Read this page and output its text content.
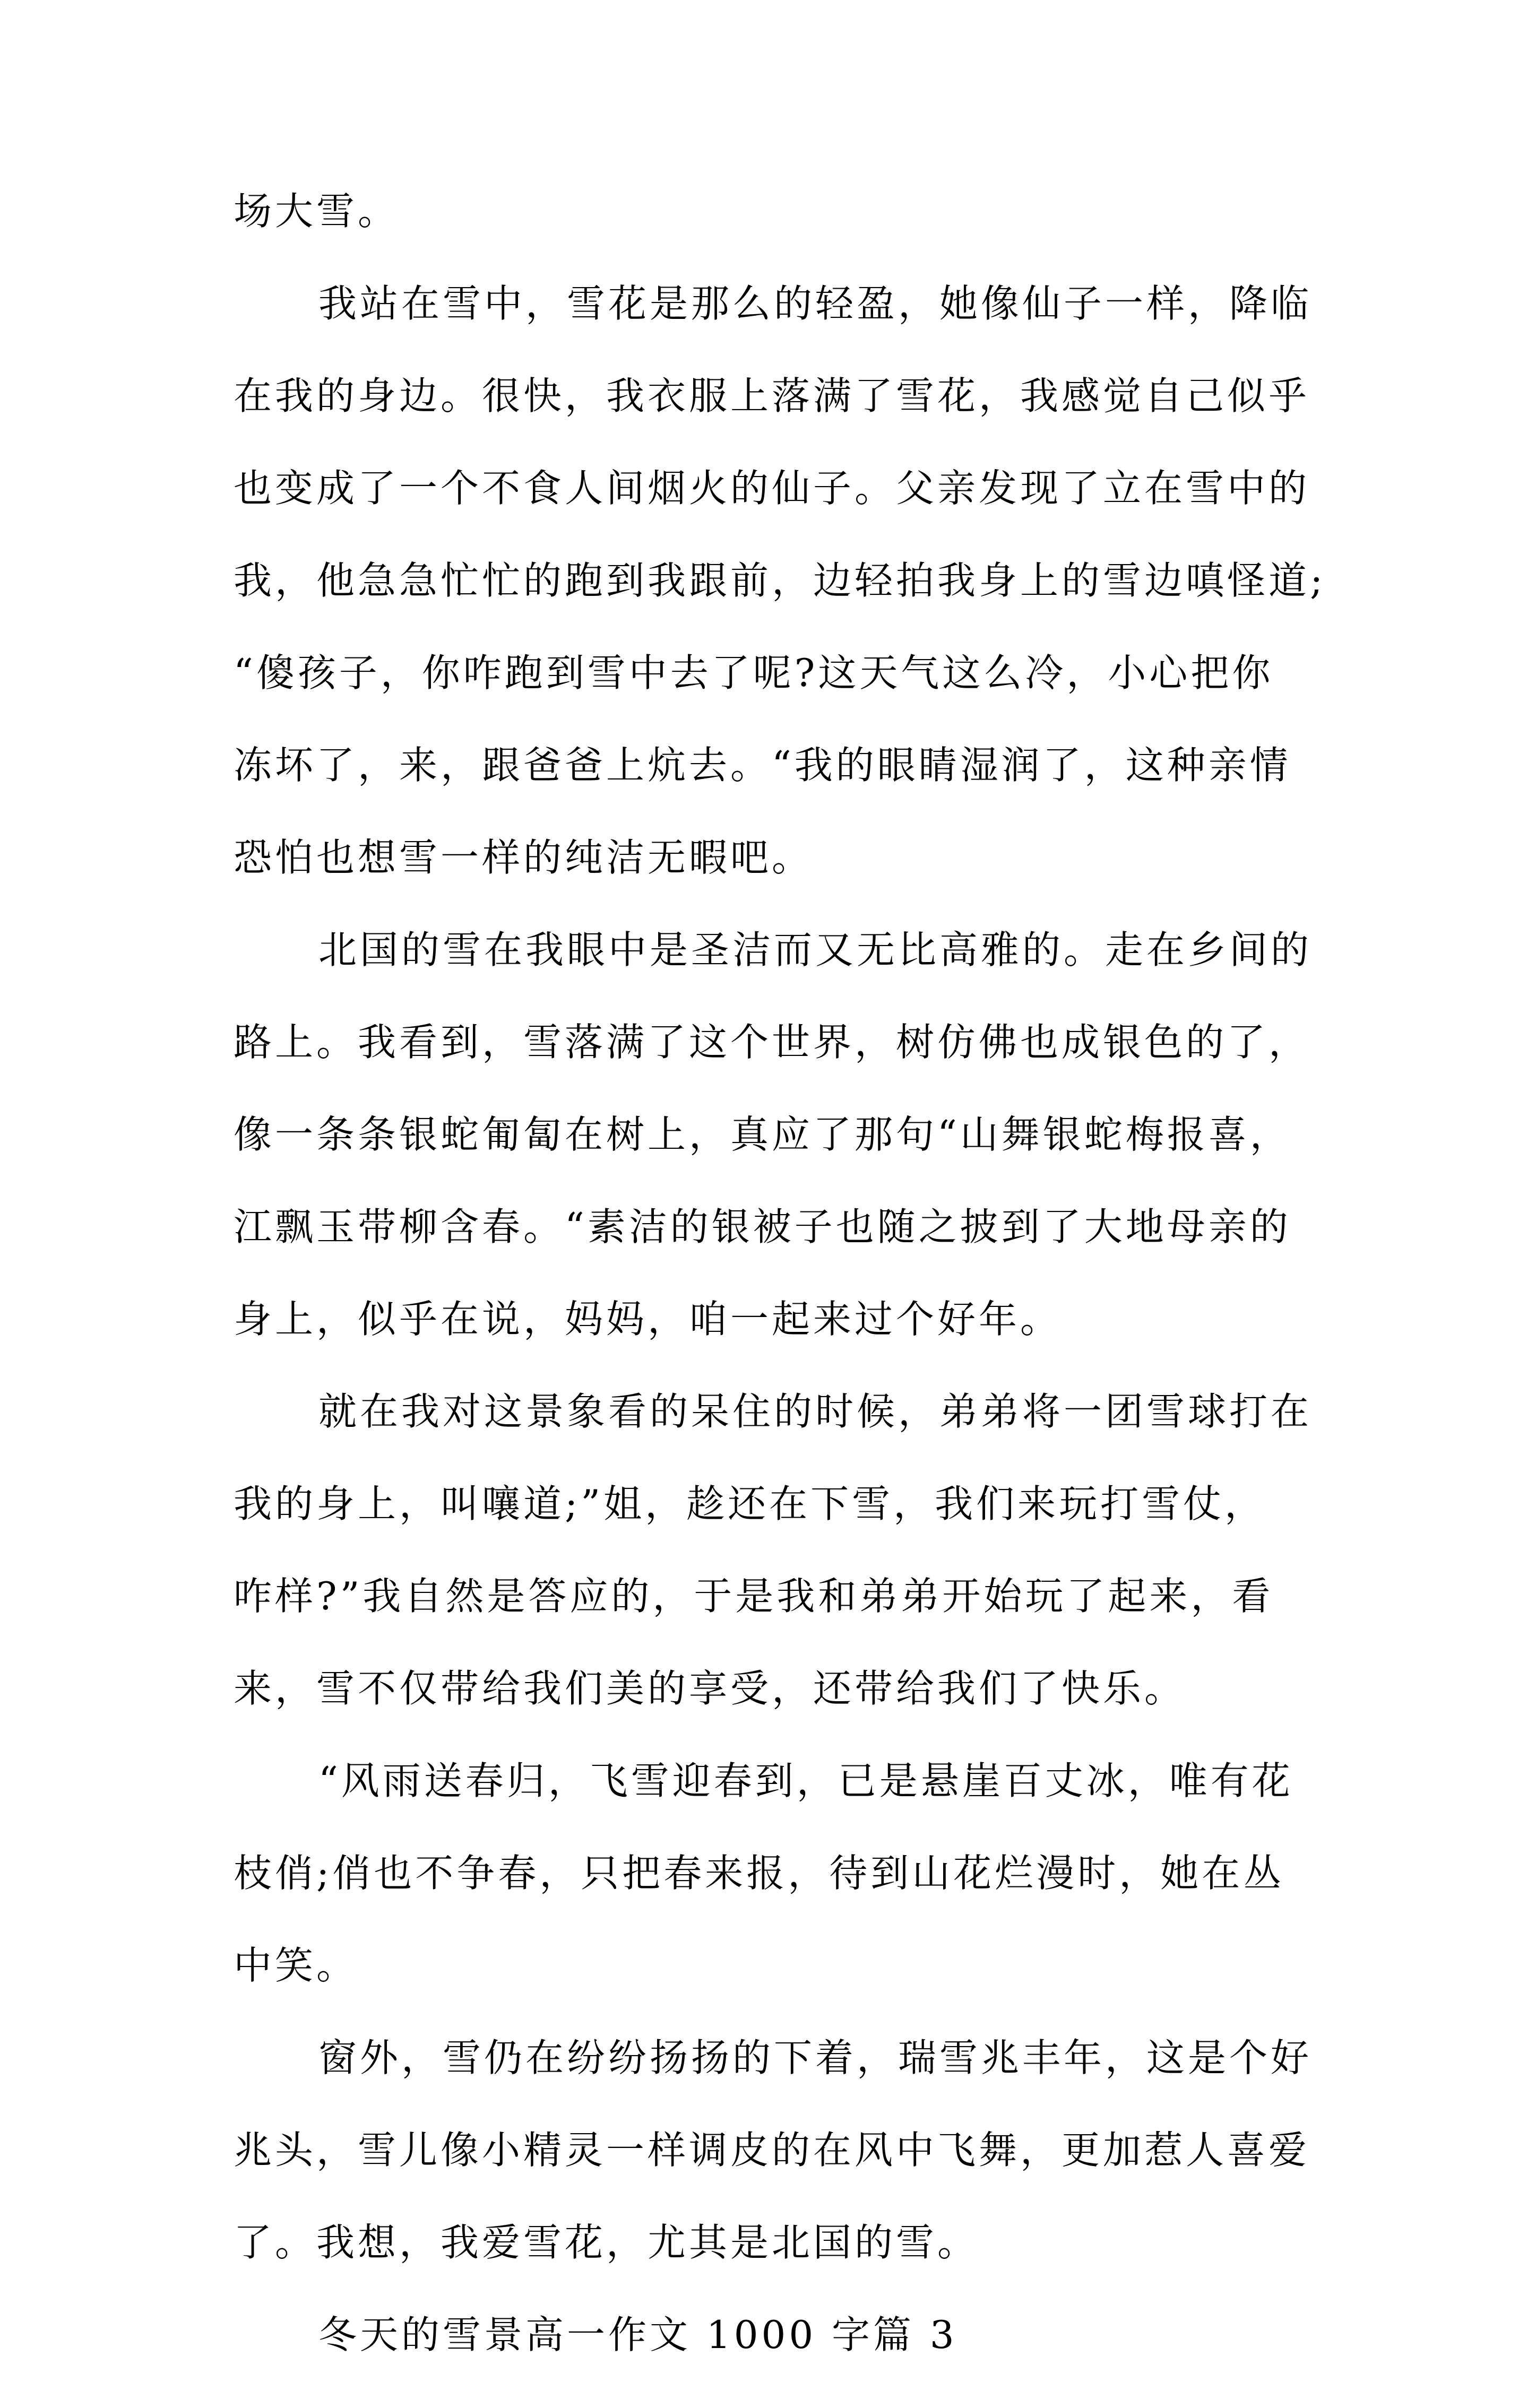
场大雪。
我站在雪中，雪花是那么的轻盈，她像仙子一样，降临
在我的身边。很快，我衣服上落满了雪花，我感觉自己似乎
也变成了一个不食人间烟火的仙子。父亲发现了立在雪中的
我，他急急忙忙的跑到我跟前，边轻拍我身上的雪边嗔怪道;
“傻孩子，你咋跑到雪中去了呢?这天气这么冷，小心把你
冻坏了，来，跟爸爸上炕去。“我的眼睛湿润了，这种亲情
恐怕也想雪一样的纯洁无暇吧。
北国的雪在我眼中是圣洁而又无比高雅的。走在乡间的
路上。我看到，雪落满了这个世界，树仿佛也成银色的了，
像一条条银蛇匍匐在树上，真应了那句“山舞银蛇梅报喜，
江飘玉带柳含春。“素洁的银被子也随之披到了大地母亲的
身上，似乎在说，妈妈，咱一起来过个好年。
就在我对这景象看的呆住的时候，弟弟将一团雪球打在
我的身上，叫嚷道;”姐，趁还在下雪，我们来玩打雪仗，
咋样?”我自然是答应的，于是我和弟弟开始玩了起来，看
来，雪不仅带给我们美的享受，还带给我们了快乐。
“风雨送春归，飞雪迎春到，已是悬崖百丈冰，唯有花
枝俏;俏也不争春，只把春来报，待到山花烂漫时，她在丛
中笑。
窗外，雪仍在纷纷扬扬的下着，瑞雪兆丰年，这是个好
兆头，雪儿像小精灵一样调皮的在风中飞舞，更加惹人喜爱
了。我想，我爱雪花，尤其是北国的雪。
冬天的雪景高一作文 1000 字篇 3
